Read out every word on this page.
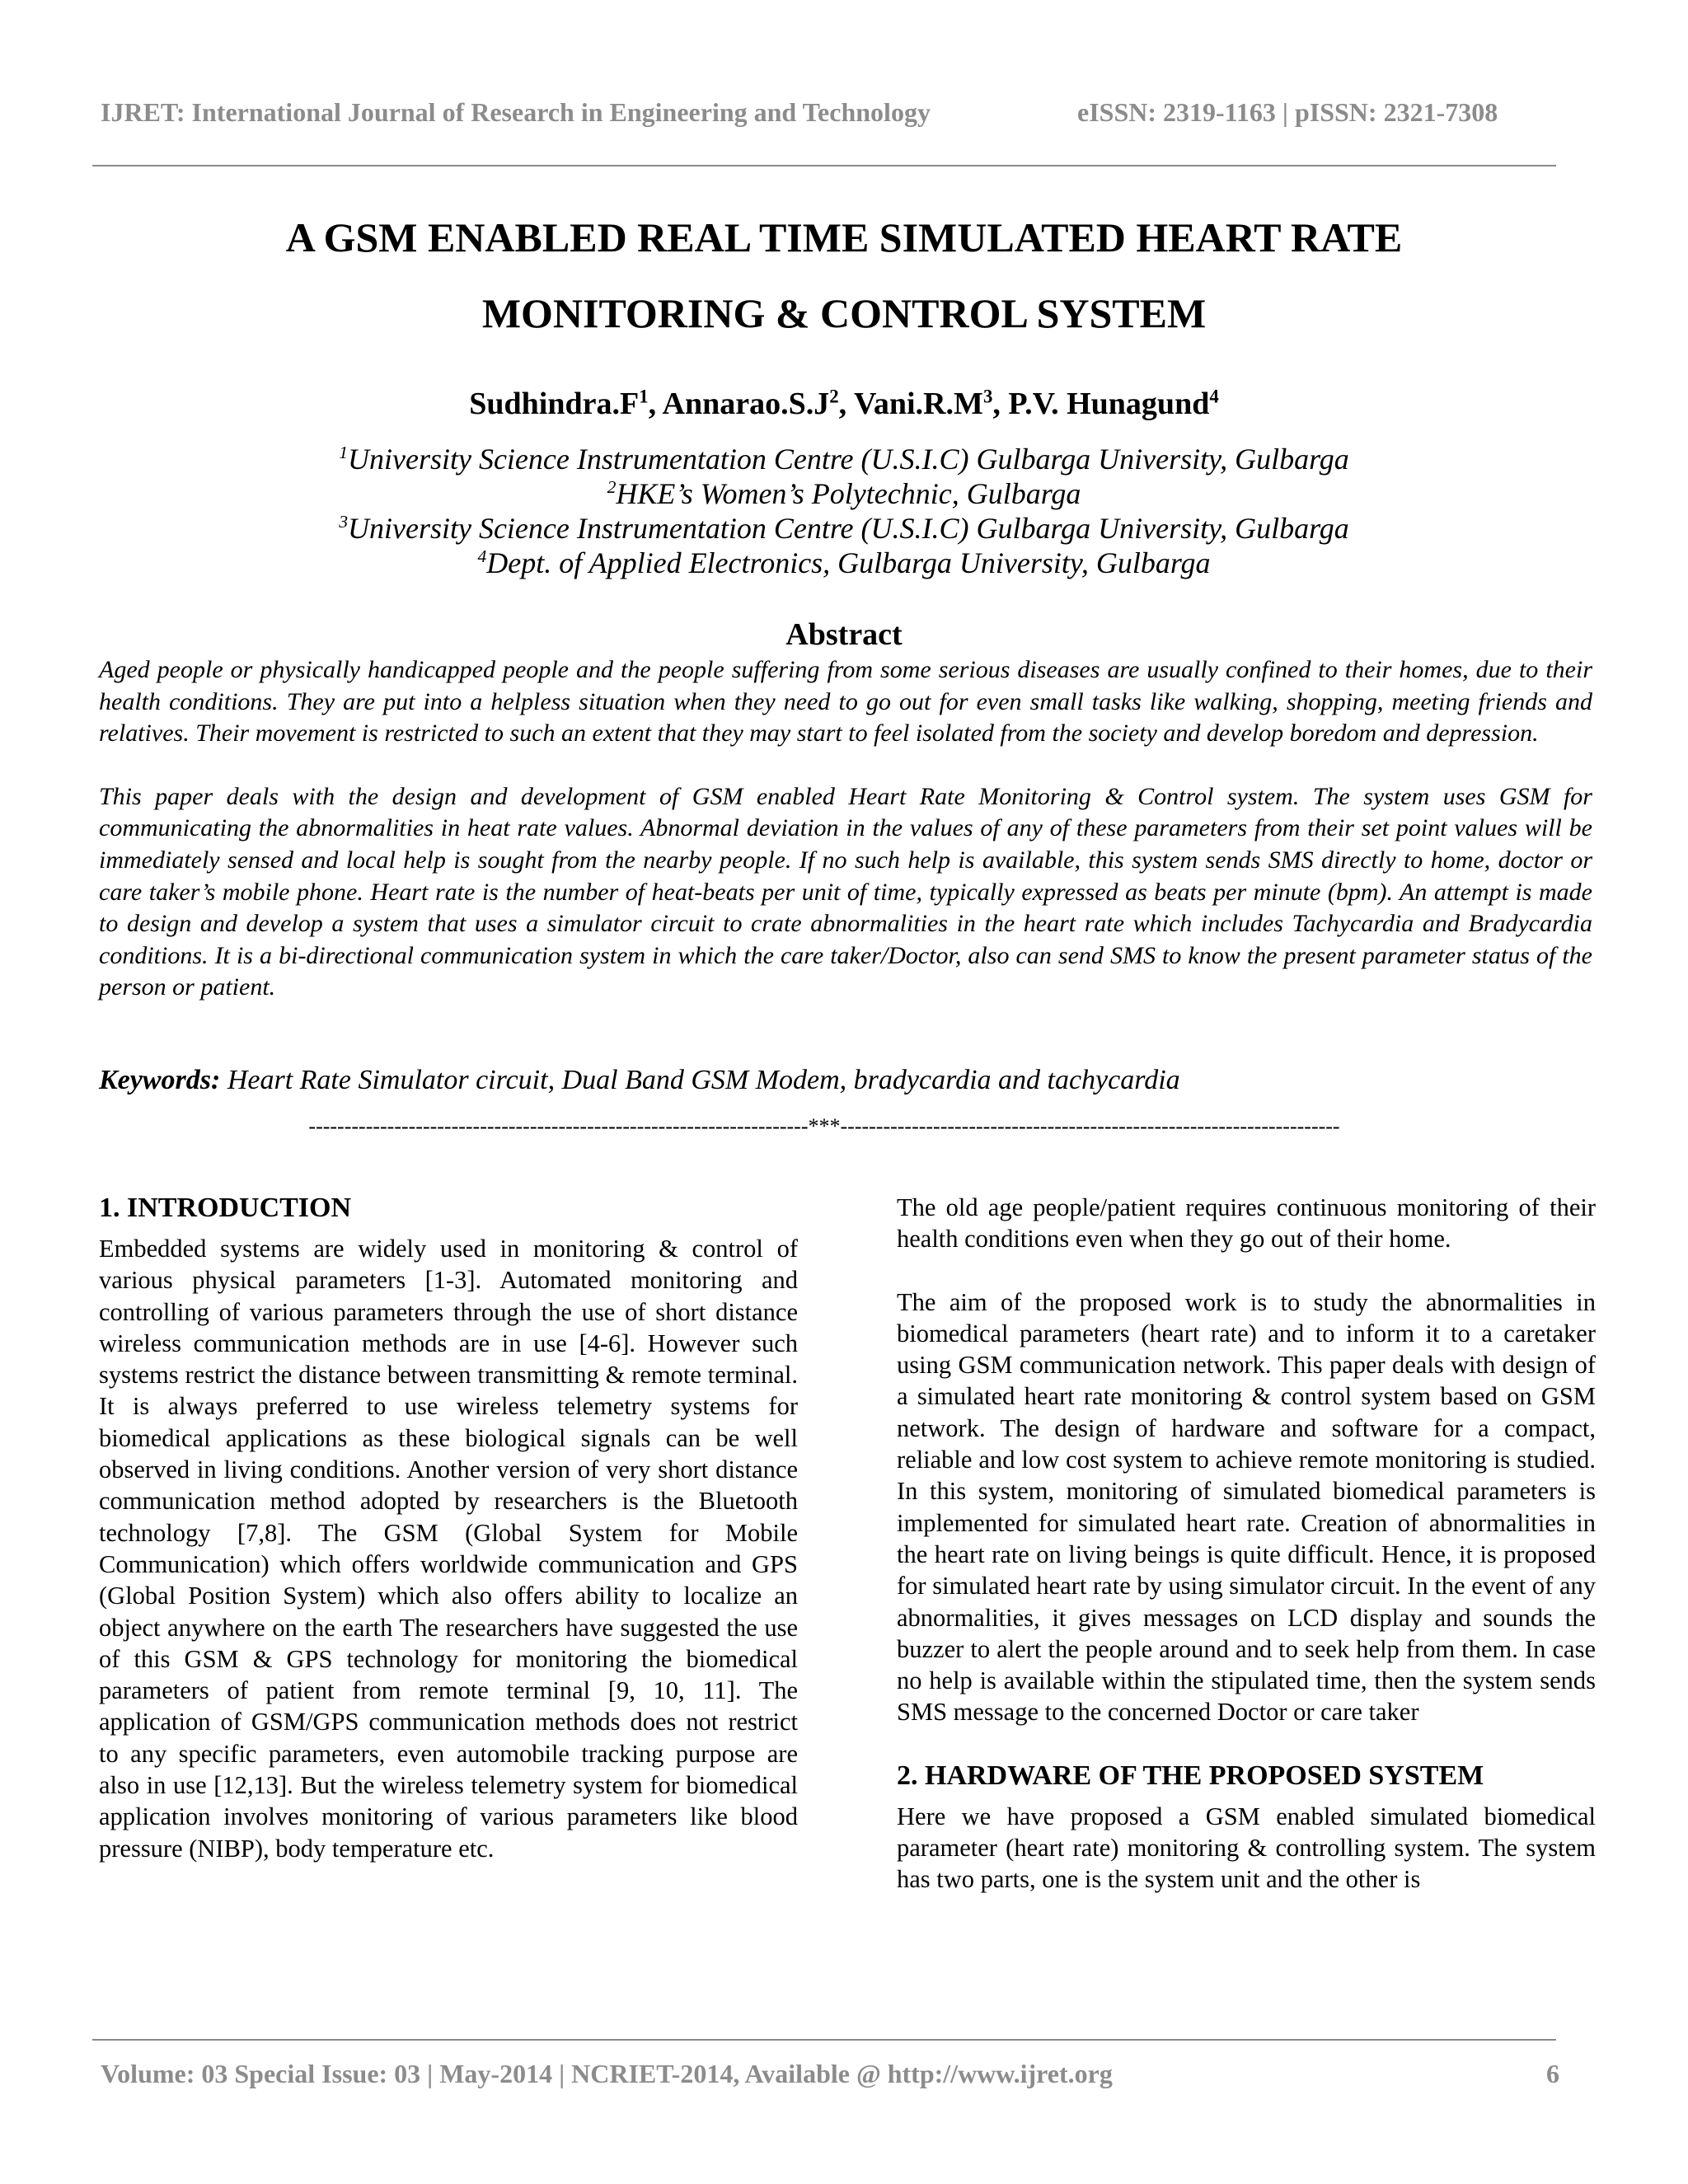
IJRET: International Journal of Research in Engineering and Technology	eISSN: 2319-1163 | pISSN: 2321-7308
A GSM ENABLED REAL TIME SIMULATED HEART RATE
MONITORING & CONTROL SYSTEM
$Sudhindra.F^1$, $Annarao.S.J^2$, $Vani.R.M^3$, P.V. Hunagund$^4$
$^1$University Science Instrumentation Centre (U.S.I.C) Gulbarga University, Gulbarga
$^2$HKE’s Women’s Polytechnic, Gulbarga
$^3$University Science Instrumentation Centre (U.S.I.C) Gulbarga University, Gulbarga
$^4$Dept. of Applied Electronics, Gulbarga University, Gulbarga
Abstract

Aged people or physically handicapped people and the people suffering from some serious diseases are usually confined to their homes, due to their health conditions. They are put into a helpless situation when they need to go out for even small tasks like walking, shopping, meeting friends and relatives. Their movement is restricted to such an extent that they may start to feel isolated from the society and develop boredom and depression.

This paper deals with the design and development of GSM enabled Heart Rate Monitoring & Control system. The system uses GSM for communicating the abnormalities in heat rate values. Abnormal deviation in the values of any of these parameters from their set point values will be immediately sensed and local help is sought from the nearby people. If no such help is available, this system sends SMS directly to home, doctor or care taker’s mobile phone. Heart rate is the number of heat-beats per unit of time, typically expressed as beats per minute (bpm). An attempt is made to design and develop a system that uses a simulator circuit to crate abnormalities in the heart rate which includes Tachycardia and Bradycardia conditions. It is a bi-directional communication system in which the care taker/Doctor, also can send SMS to know the present parameter status of the person or patient.

Keywords: Heart Rate Simulator circuit, Dual Band GSM Modem, bradycardia and tachycardia
----------------------------------------------------------------------***----------------------------------------------------------------------
1. INTRODUCTION

Embedded systems are widely used in monitoring & control of various physical parameters [1-3]. Automated monitoring and controlling of various parameters through the use of short distance wireless communication methods are in use [4-6]. However such systems restrict the distance between transmitting & remote terminal. It is always preferred to use wireless telemetry systems for biomedical applications as these biological signals can be well observed in living conditions. Another version of very short distance communication method adopted by researchers is the Bluetooth technology [7,8]. The GSM (Global System for Mobile Communication) which offers worldwide communication and GPS (Global Position System) which also offers ability to localize an object anywhere on the earth The researchers have suggested the use of this GSM & GPS technology for monitoring the biomedical parameters of patient from remote terminal [9, 10, 11]. The application of GSM/GPS communication methods does not restrict to any specific parameters, even automobile tracking purpose are also in use [12,13]. But the wireless telemetry system for biomedical application involves monitoring of various parameters like blood pressure (NIBP), body temperature etc.

The old age people/patient requires continuous monitoring of their health conditions even when they go out of their home.

The aim of the proposed work is to study the abnormalities in biomedical parameters (heart rate) and to inform it to a caretaker using GSM communication network. This paper deals with design of a simulated heart rate monitoring & control system based on GSM network. The design of hardware and software for a compact, reliable and low cost system to achieve remote monitoring is studied. In this system, monitoring of simulated biomedical parameters is implemented for simulated heart rate. Creation of abnormalities in the heart rate on living beings is quite difficult. Hence, it is proposed for simulated heart rate by using simulator circuit. In the event of any abnormalities, it gives messages on LCD display and sounds the buzzer to alert the people around and to seek help from them. In case no help is available within the stipulated time, then the system sends SMS message to the concerned Doctor or care taker

2. HARDWARE OF THE PROPOSED SYSTEM

Here we have proposed a GSM enabled simulated biomedical parameter (heart rate) monitoring & controlling system. The system has two parts, one is the system unit and the other is

Volume: 03 Special Issue: 03 | May-2014 | NCRIET-2014, Available @ http://www.ijret.org	6
